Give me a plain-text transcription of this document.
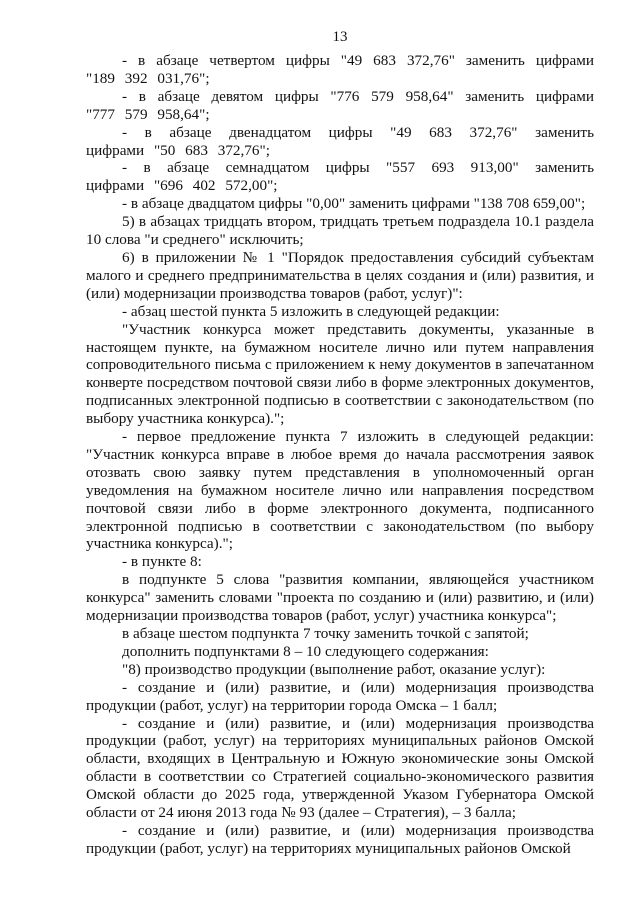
13

- в абзаце четвертом цифры "49 683 372,76" заменить цифрами "189 392 031,76";

- в абзаце девятом цифры "776 579 958,64" заменить цифрами "777 579 958,64";

- в абзаце двенадцатом цифры "49 683 372,76" заменить цифрами "50 683 372,76";

- в абзаце семнадцатом цифры "557 693 913,00" заменить цифрами "696 402 572,00";

- в абзаце двадцатом цифры "0,00" заменить цифрами "138 708 659,00";

5) в абзацах тридцать втором, тридцать третьем подраздела 10.1 раздела 10 слова "и среднего" исключить;

6) в приложении № 1 "Порядок предоставления субсидий субъектам малого и среднего предпринимательства в целях создания и (или) развития, и (или) модернизации производства товаров (работ, услуг)":

- абзац шестой пункта 5 изложить в следующей редакции:

"Участник конкурса может представить документы, указанные в настоящем пункте, на бумажном носителе лично или путем направления сопроводительного письма с приложением к нему документов в запечатанном конверте посредством почтовой связи либо в форме электронных документов, подписанных электронной подписью в соответствии с законодательством (по выбору участника конкурса).";

- первое предложение пункта 7 изложить в следующей редакции: "Участник конкурса вправе в любое время до начала рассмотрения заявок отозвать свою заявку путем представления в уполномоченный орган уведомления на бумажном носителе лично или направления посредством почтовой связи либо в форме электронного документа, подписанного электронной подписью в соответствии с законодательством (по выбору участника конкурса).";

- в пункте 8:

в подпункте 5 слова "развития компании, являющейся участником конкурса" заменить словами "проекта по созданию и (или) развитию, и (или) модернизации производства товаров (работ, услуг) участника конкурса";

в абзаце шестом подпункта 7 точку заменить точкой с запятой;

дополнить подпунктами 8 – 10 следующего содержания:

"8) производство продукции (выполнение работ, оказание услуг):

- создание и (или) развитие, и (или) модернизация производства продукции (работ, услуг) на территории города Омска – 1 балл;

- создание и (или) развитие, и (или) модернизация производства продукции (работ, услуг) на территориях муниципальных районов Омской области, входящих в Центральную и Южную экономические зоны Омской области в соответствии со Стратегией социально-экономического развития Омской области до 2025 года, утвержденной Указом Губернатора Омской области от 24 июня 2013 года № 93 (далее – Стратегия), – 3 балла;

- создание и (или) развитие, и (или) модернизация производства продукции (работ, услуг) на территориях муниципальных районов Омской
